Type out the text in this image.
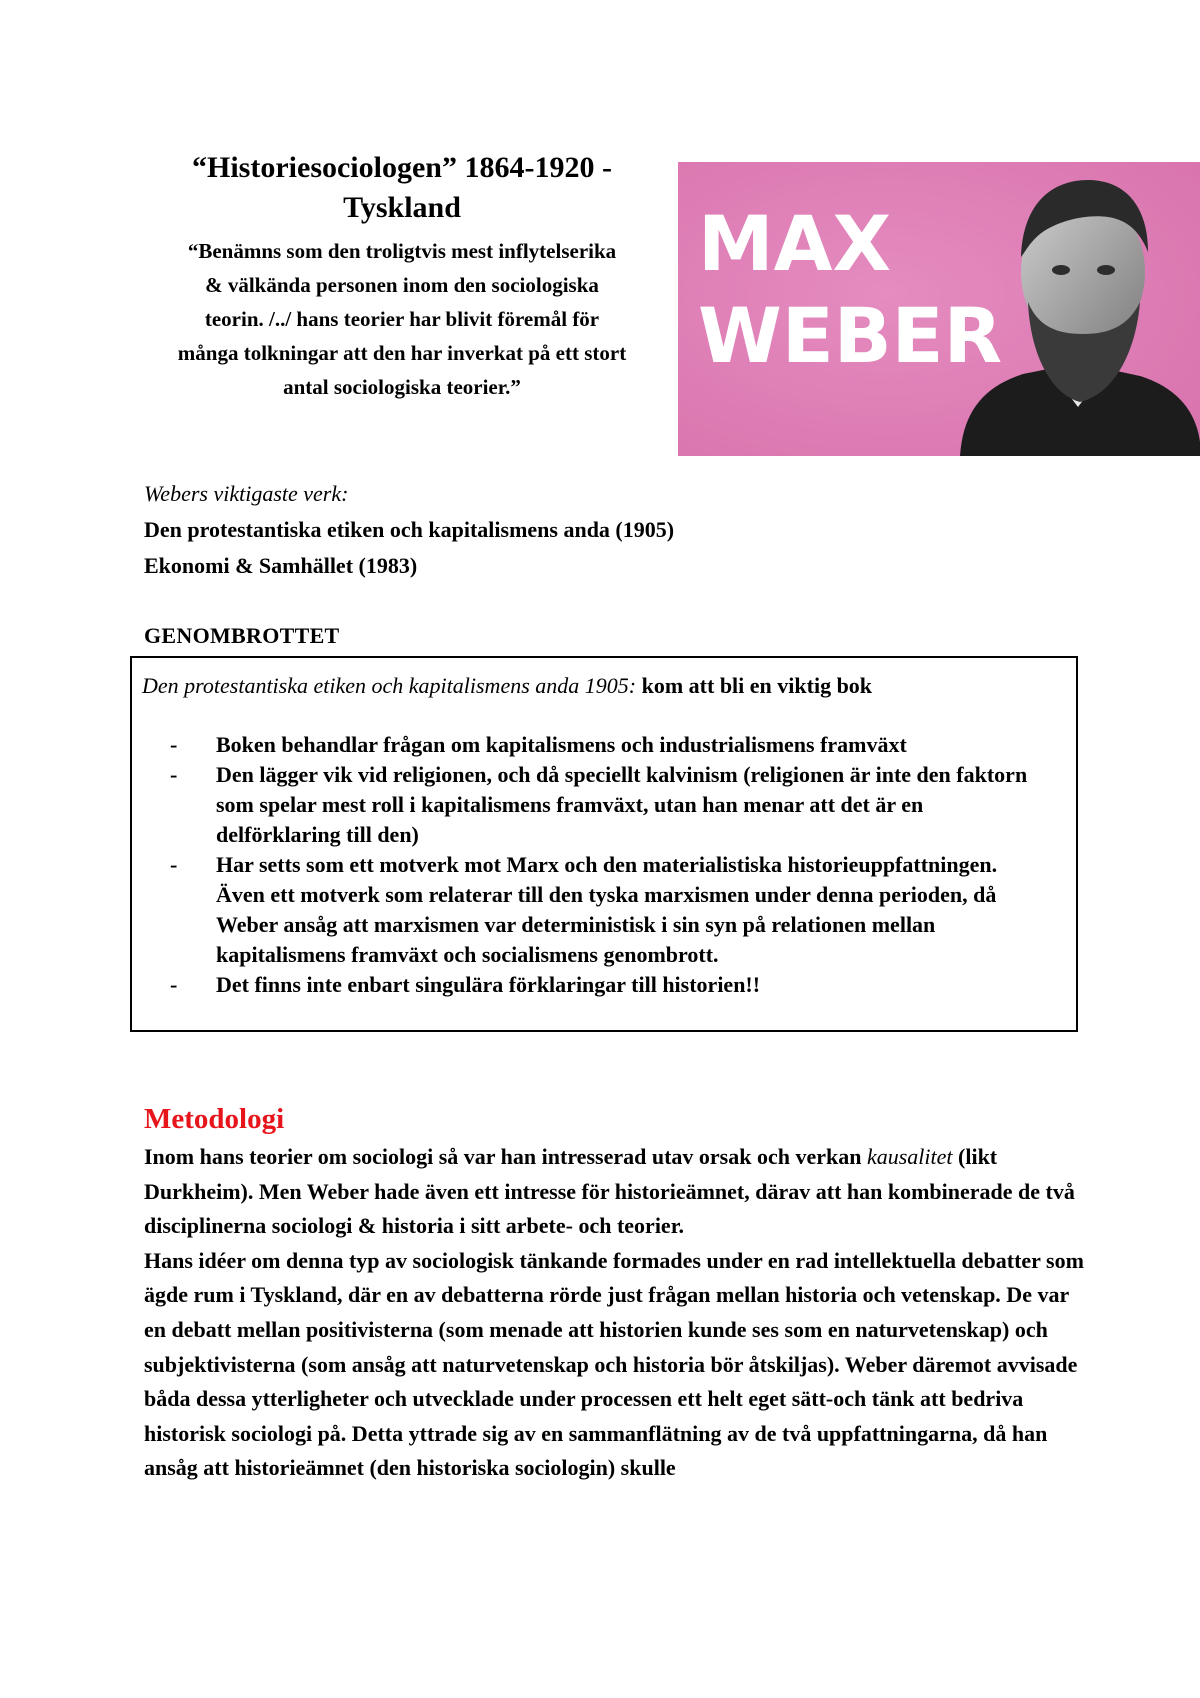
“Historiesociologen” 1864-1920 -
Tyskland
“Benämns som den troligtvis mest inflytelserika
& välkända personen inom den sociologiska
teorin. /../ hans teorier har blivit föremål för
många tolkningar att den har inverkat på ett stort
antal sociologiska teorier.”
MAX
WEBER
Webers viktigaste verk:
Den protestantiska etiken och kapitalismens anda (1905)
Ekonomi & Samhället (1983)
GENOMBROTTET
Den protestantiska etiken och kapitalismens anda 1905: kom att bli en viktig bok
- Boken behandlar frågan om kapitalismens och industrialismens framväxt
- Den lägger vik vid religionen, och då speciellt kalvinism (religionen är inte den faktorn som spelar mest roll i kapitalismens framväxt, utan han menar att det är en delförklaring till den)
- Har setts som ett motverk mot Marx och den materialistiska historieuppfattningen. Även ett motverk som relaterar till den tyska marxismen under denna perioden, då Weber ansåg att marxismen var deterministisk i sin syn på relationen mellan kapitalismens framväxt och socialismens genombrott.
- Det finns inte enbart singulära förklaringar till historien!!
Metodologi

Inom hans teorier om sociologi så var han intresserad utav orsak och verkan kausalitet (likt Durkheim). Men Weber hade även ett intresse för historieämnet, därav att han kombinerade de två disciplinerna sociologi & historia i sitt arbete- och teorier.

Hans idéer om denna typ av sociologisk tänkande formades under en rad intellektuella debatter som ägde rum i Tyskland, där en av debatterna rörde just frågan mellan historia och vetenskap. De var en debatt mellan positivisterna (som menade att historien kunde ses som en naturvetenskap) och subjektivisterna (som ansåg att naturvetenskap och historia bör åtskiljas). Weber däremot avvisade båda dessa ytterligheter och utvecklade under processen ett helt eget sätt-och tänk att bedriva historisk sociologi på. Detta yttrade sig av en sammanflätning av de två uppfattningarna, då han ansåg att historieämnet (den historiska sociologin) skulle
